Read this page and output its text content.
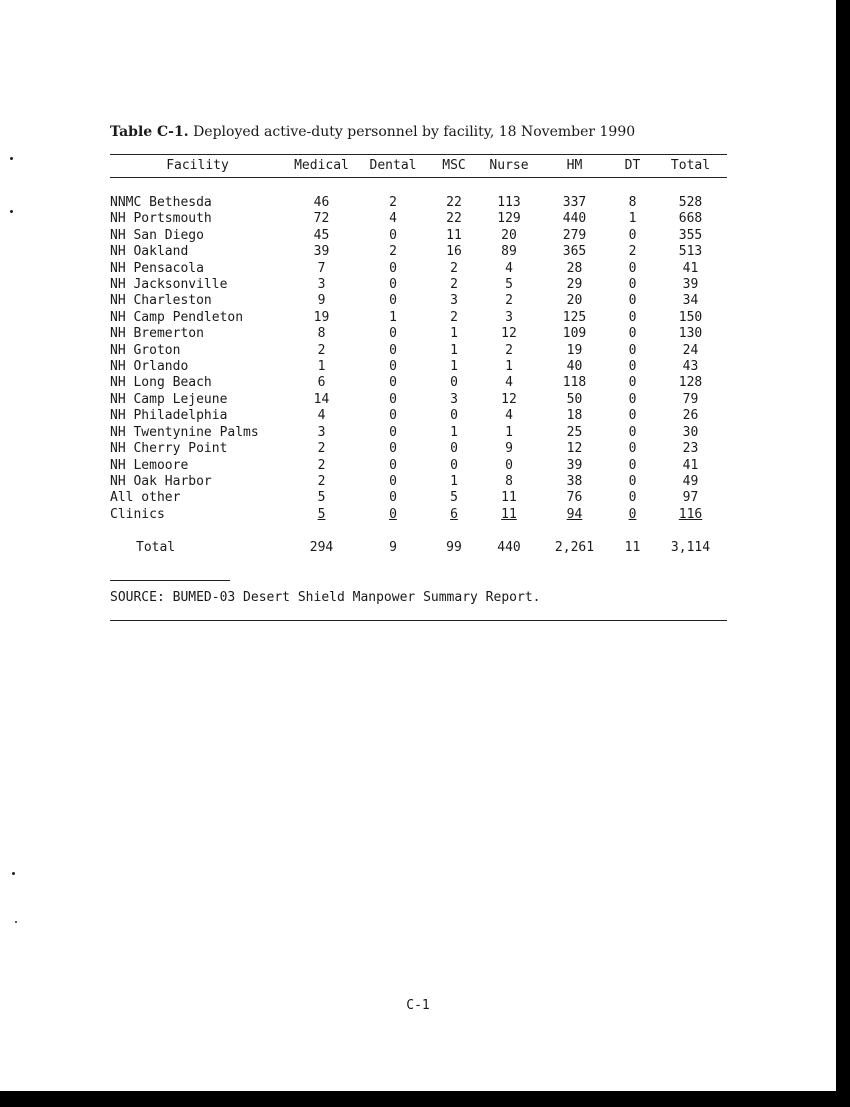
Table C-1. Deployed active-duty personnel by facility, 18 November 1990
Facility	Medical	Dental	MSC	Nurse	HM	DT	Total
NNMC Bethesda	46	2	22	113	337	8	528
NH Portsmouth	72	4	22	129	440	1	668
NH San Diego	45	0	11	20	279	0	355
NH Oakland	39	2	16	89	365	2	513
NH Pensacola	7	0	2	4	28	0	41
NH Jacksonville	3	0	2	5	29	0	39
NH Charleston	9	0	3	2	20	0	34
NH Camp Pendleton	19	1	2	3	125	0	150
NH Bremerton	8	0	1	12	109	0	130
NH Groton	2	0	1	2	19	0	24
NH Orlando	1	0	1	1	40	0	43
NH Long Beach	6	0	0	4	118	0	128
NH Camp Lejeune	14	0	3	12	50	0	79
NH Philadelphia	4	0	0	4	18	0	26
NH Twentynine Palms	3	0	1	1	25	0	30
NH Cherry Point	2	0	0	9	12	0	23
NH Lemoore	2	0	0	0	39	0	41
NH Oak Harbor	2	0	1	8	38	0	49
All other	5	0	5	11	76	0	97
Clinics	5	0	6	11	94	0	116
Total	294	9	99	440	2,261	11	3,114
SOURCE: BUMED-03 Desert Shield Manpower Summary Report.
C-1
